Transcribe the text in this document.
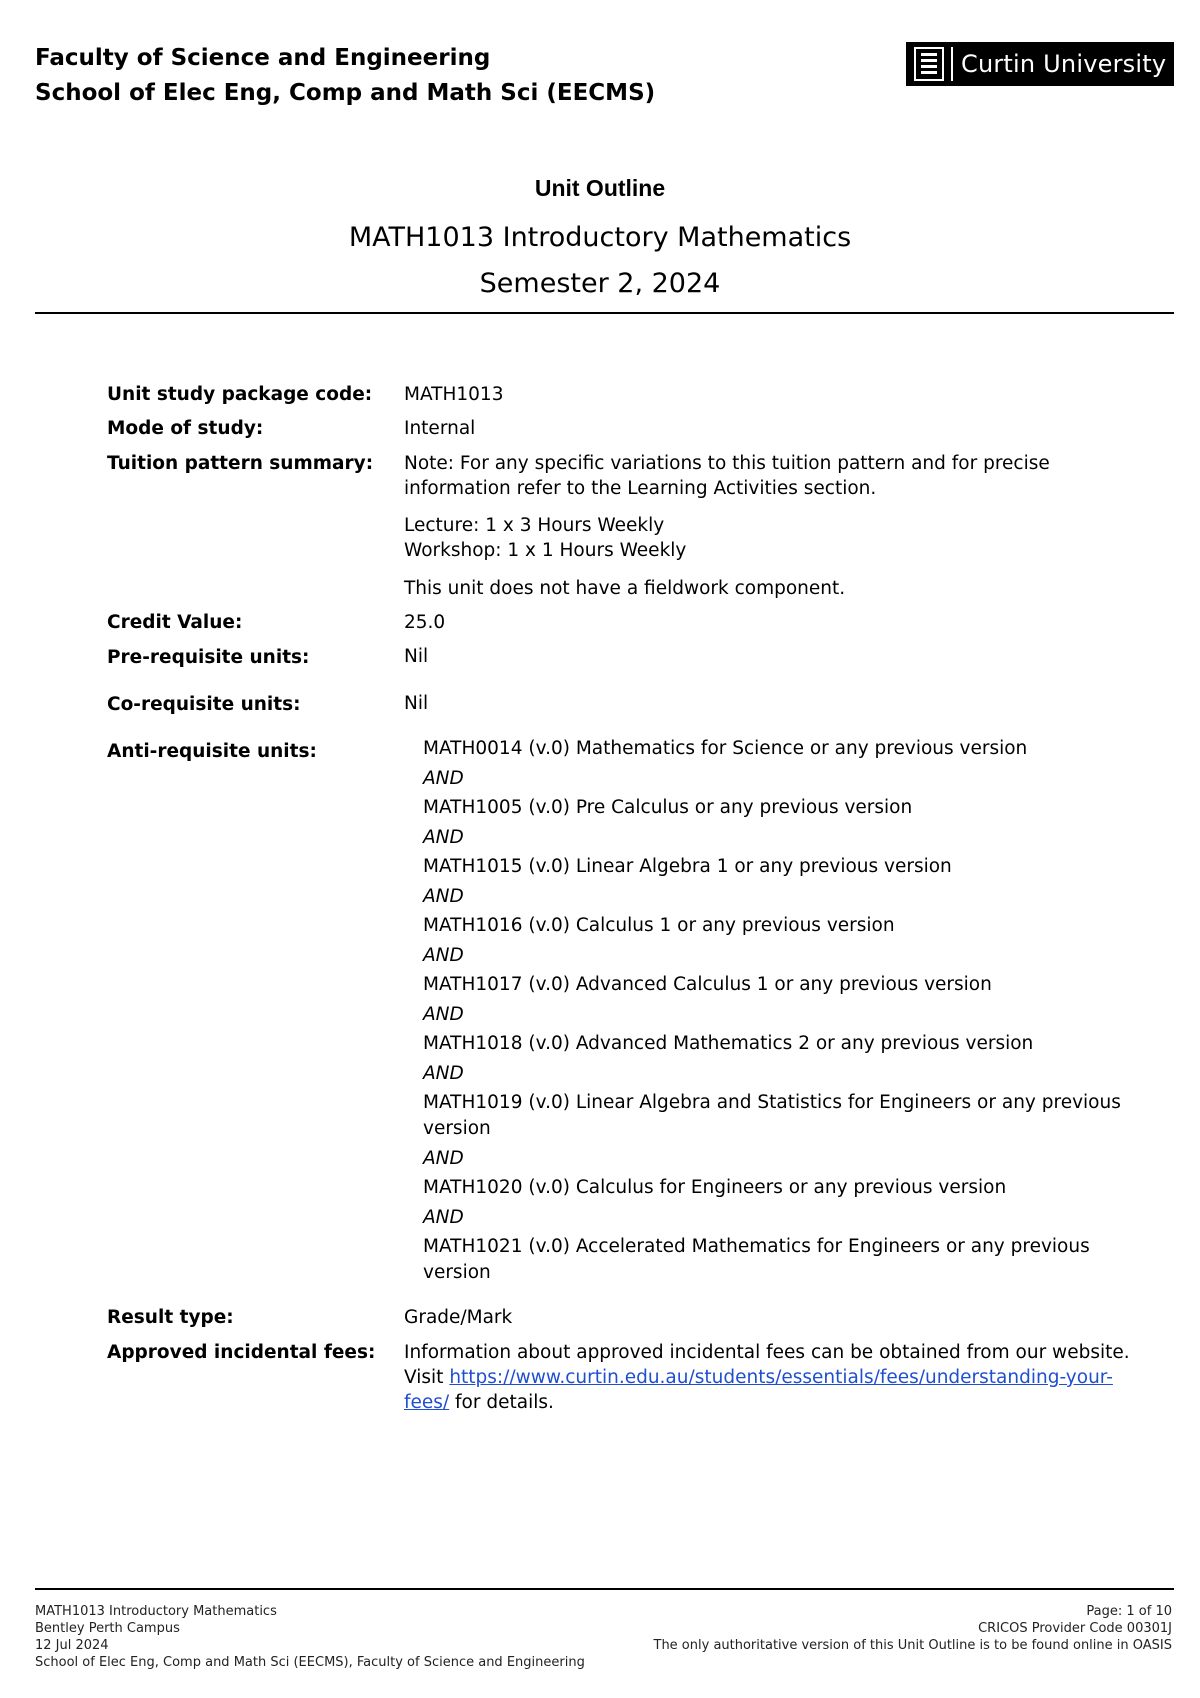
Faculty of Science and Engineering
School of Elec Eng, Comp and Math Sci (EECMS)
Curtin University
Unit Outline
MATH1013 Introductory Mathematics
Semester 2, 2024
Unit study package code: MATH1013
Mode of study:	Internal
Tuition pattern summary: Note: For any specific variations to this tuition pattern and for precise
information refer to the Learning Activities section.
Lecture: 1 x 3 Hours Weekly
Workshop: 1 x 1 Hours Weekly
This unit does not have a fieldwork component.
Credit Value:	25.0
Pre-requisite units:	Nil
Co-requisite units:	Nil
Anti-requisite units:	MATH0014 (v.0) Mathematics for Science or any previous version
AND
MATH1005 (v.0) Pre Calculus or any previous version
AND
MATH1015 (v.0) Linear Algebra 1 or any previous version
AND
MATH1016 (v.0) Calculus 1 or any previous version
AND
MATH1017 (v.0) Advanced Calculus 1 or any previous version
AND
MATH1018 (v.0) Advanced Mathematics 2 or any previous version
AND
MATH1019 (v.0) Linear Algebra and Statistics for Engineers or any previous
version
AND
MATH1020 (v.0) Calculus for Engineers or any previous version
AND
MATH1021 (v.0) Accelerated Mathematics for Engineers or any previous
version
Result type:	Grade/Mark
Approved incidental fees: Information about approved incidental fees can be obtained from our website.
Visit https://www.curtin.edu.au/students/essentials/fees/understanding-your-
fees/ for details.
MATH1013 Introductory Mathematics
Bentley Perth Campus
12 Jul 2024
School of Elec Eng, Comp and Math Sci (EECMS), Faculty of Science and Engineering
Page: 1 of 10
CRICOS Provider Code 00301J
The only authoritative version of this Unit Outline is to be found online in OASIS
